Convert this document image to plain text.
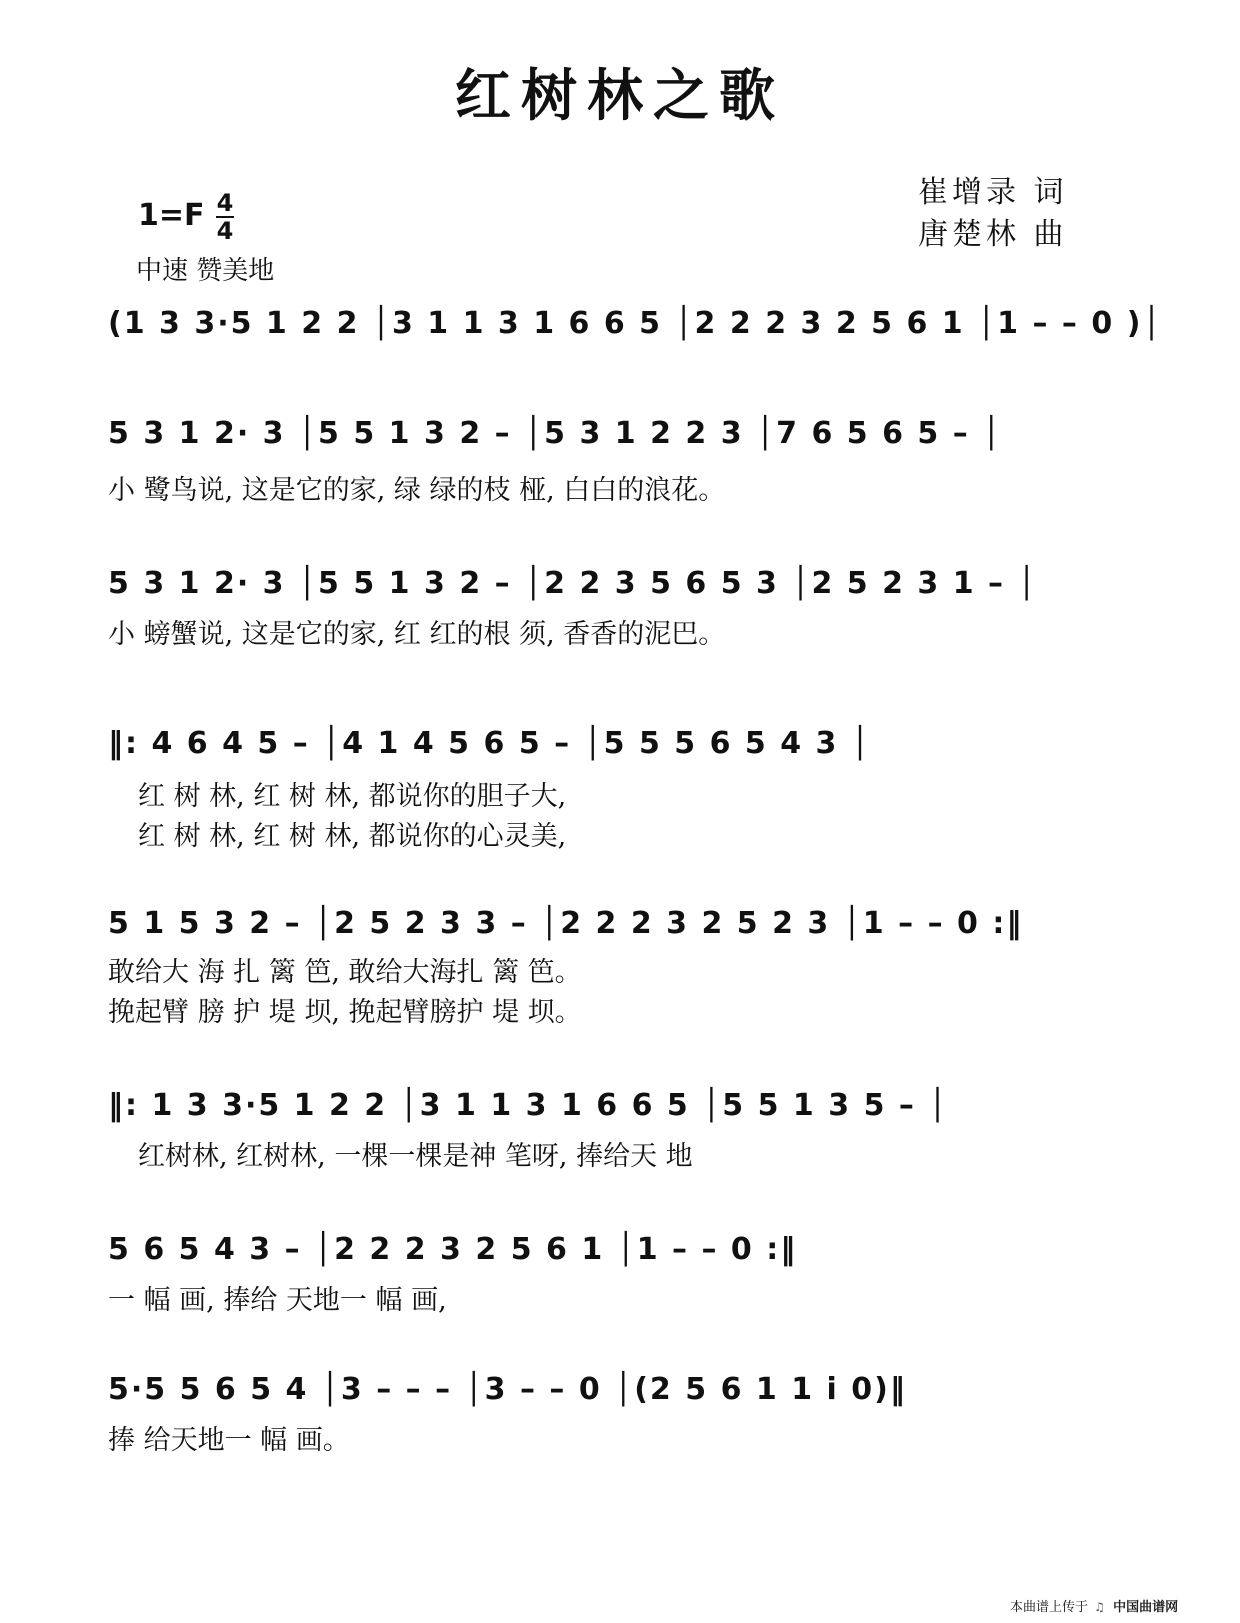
红树林之歌
1=F 4
4
中速 赞美地
崔增录 词
唐楚林 曲
(1 3 3·5 1 2 2 │3 1 1 3 1 6 6 5 │2 2 2 3 2 5 6 1 │1 – – 0 )│
5 3 1 2· 3 │5 5 1 3 2 – │5 3 1 2 2 3 │7 6 5 6 5 – │
小 鹭鸟说, 这是它的家, 绿 绿的枝 桠, 白白的浪花。
5 3 1 2· 3 │5 5 1 3 2 – │2 2 3 5 6 5 3 │2 5 2 3 1 – │
小 螃蟹说, 这是它的家, 红 红的根 须, 香香的泥巴。
‖: 4 6 4 5 – │4 1 4 5 6 5 – │5 5 5 6 5 4 3 │
红 树 林, 红 树 林, 都说你的胆子大,
红 树 林, 红 树 林, 都说你的心灵美,
5 1 5 3 2 – │2 5 2 3 3 – │2 2 2 3 2 5 2 3 │1 – – 0 :‖
敢给大 海 扎 篱 笆, 敢给大海扎 篱 笆。
挽起臂 膀 护 堤 坝, 挽起臂膀护 堤 坝。
‖: 1 3 3·5 1 2 2 │3 1 1 3 1 6 6 5 │5 5 1 3 5 – │
红树林, 红树林, 一棵一棵是神 笔呀, 捧给天 地
5 6 5 4 3 – │2 2 2 3 2 5 6 1 │1 – – 0 :‖
一 幅 画, 捧给 天地一 幅 画,
5·5 5 6 5 4 │3 – – – │3 – – 0 │(2 5 6 1 1 i 0)‖
捧 给天地一 幅 画。
本曲谱上传于 ♫ 中国曲谱网
